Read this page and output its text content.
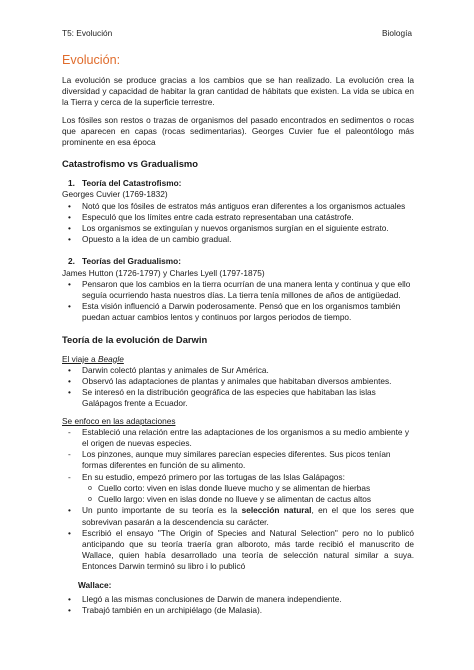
T5: Evolución	Biología
Evolución:

La evolución se produce gracias a los cambios que se han realizado. La evolución crea la diversidad y capacidad de habitar la gran cantidad de hábitats que existen. La vida se ubica en la Tierra y cerca de la superficie terrestre.

Los fósiles son restos o trazas de organismos del pasado encontrados en sedimentos o rocas que aparecen en capas (rocas sedimentarias). Georges Cuvier fue el paleontólogo más prominente en esa época

Catastrofismo vs Gradualismo
1. Teoría del Catastrofismo:
Georges Cuvier (1769-1832)
• Notó que los fósiles de estratos más antiguos eran diferentes a los organismos actuales
• Especuló que los límites entre cada estrato representaban una catástrofe.
• Los organismos se extinguían y nuevos organismos surgían en el siguiente estrato.
• Opuesto a la idea de un cambio gradual.
2. Teorías del Gradualismo:
James Hutton (1726-1797) y Charles Lyell (1797-1875)
• Pensaron que los cambios en la tierra ocurrían de una manera lenta y continua y que ello seguía ocurriendo hasta nuestros días. La tierra tenía millones de años de antigüedad.
• Esta visión influenció a Darwin poderosamente. Pensó que en los organismos también puedan actuar cambios lentos y continuos por largos periodos de tiempo.
Teoría de la evolución de Darwin
El viaje a Beagle
• Darwin colectó plantas y animales de Sur América.
• Observó las adaptaciones de plantas y animales que habitaban diversos ambientes.
• Se interesó en la distribución geográfica de las especies que habitaban las islas Galápagos frente a Ecuador.
Se enfoco en las adaptaciones
- Estableció una relación entre las adaptaciones de los organismos a su medio ambiente y el origen de nuevas especies.
- Los pinzones, aunque muy similares parecían especies diferentes. Sus picos tenían formas diferentes en función de su alimento.
- En su estudio, empezó primero por las tortugas de las Islas Galápagos:
o Cuello corto: viven en islas donde llueve mucho y se alimentan de hierbas
o Cuello largo: viven en islas donde no llueve y se alimentan de cactus altos
• Un punto importante de su teoría es la selección natural, en el que los seres que sobrevivan pasarán a la descendencia su carácter.
• Escribió el ensayo "The Origin of Species and Natural Selection" pero no lo publicó anticipando que su teoría traería gran alboroto, más tarde recibió el manuscrito de Wallace, quien había desarrollado una teoría de selección natural similar a suya. Entonces Darwin terminó su libro i lo publicó
Wallace:
• Llegó a las mismas conclusiones de Darwin de manera independiente.
• Trabajó también en un archipiélago (de Malasia).
